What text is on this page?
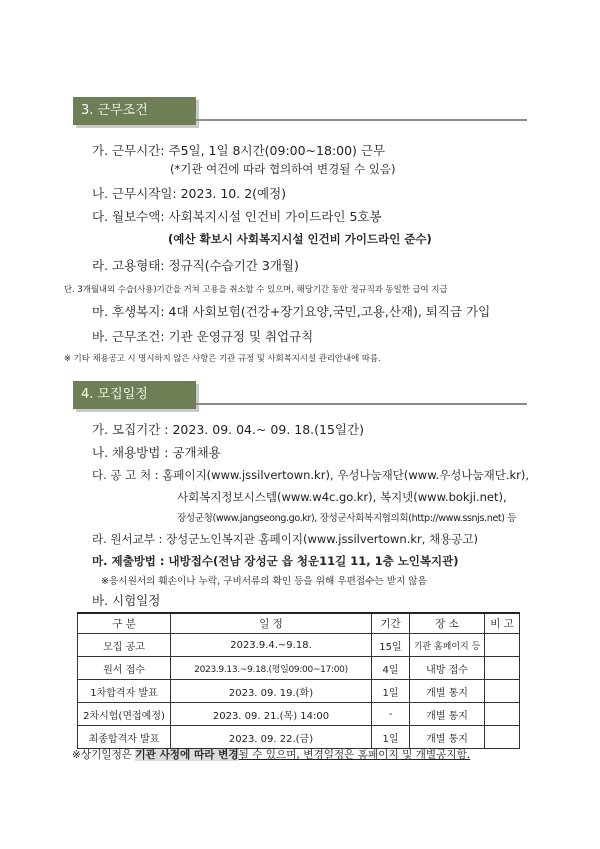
3. 근무조건
가. 근무시간: 주5일, 1일 8시간(09:00~18:00) 근무
(*기관 여건에 따라 협의하여 변경될 수 있음)
나. 근무시작일: 2023. 10. 2(예정)
다. 월보수액: 사회복지시설 인건비 가이드라인 5호봉
(예산 확보시 사회복지시설 인건비 가이드라인 준수)
라. 고용형태: 정규직(수습기간 3개월)
단. 3개월내외 수습(사용)기간을 거쳐 고용을 취소할 수 있으며, 해당기간 동안 정규직과 동일한 급여 지급
마. 후생복지: 4대 사회보험(건강+장기요양,국민,고용,산재), 퇴직금 가입
바. 근무조건: 기관 운영규정 및 취업규칙
※ 기타 채용공고 시 명시하지 않은 사항은 기관 규정 및 사회복지시설 관리안내에 따름.
4. 모집일정
가. 모집기간 : 2023. 09. 04.~ 09. 18.(15일간)
나. 채용방법 : 공개채용
다. 공 고 처 : 홈페이지(www.jssilvertown.kr), 우성나눔재단(www.우성나눔재단.kr),
사회복지정보시스템(www.w4c.go.kr), 복지넷(www.bokji.net),
장성군청(www.jangseong.go.kr), 장성군사회복지협의회(http://www.ssnjs.net) 등
라. 원서교부 : 장성군노인복지관 홈페이지(www.jssilvertown.kr, 채용공고)
마. 제출방법 : 내방접수(전남 장성군 읍 청운11길 11, 1층 노인복지관)
※응시원서의 훼손이나 누락, 구비서류의 확인 등을 위해 우편접수는 받지 않음
바. 시험일정
구 분	일 정	기간	장 소	비 고
모집 공고	2023.9.4.~9.18.	15일	기관 홈페이지 등	
원서 접수	2023.9.13.~9.18.(평일09:00~17:00)	4일	내방 접수	
1차합격자 발표	2023. 09. 19.(화)	1일	개별 통지	
2차시험(면접예정)	2023. 09. 21.(목) 14:00	-	개별 통지	
최종합격자 발표	2023. 09. 22.(금)	1일	개별 통지	
※상기일정은 기관 사정에 따라 변경될 수 있으며, 변경일정은 홈페이지 및 개별공지함.
